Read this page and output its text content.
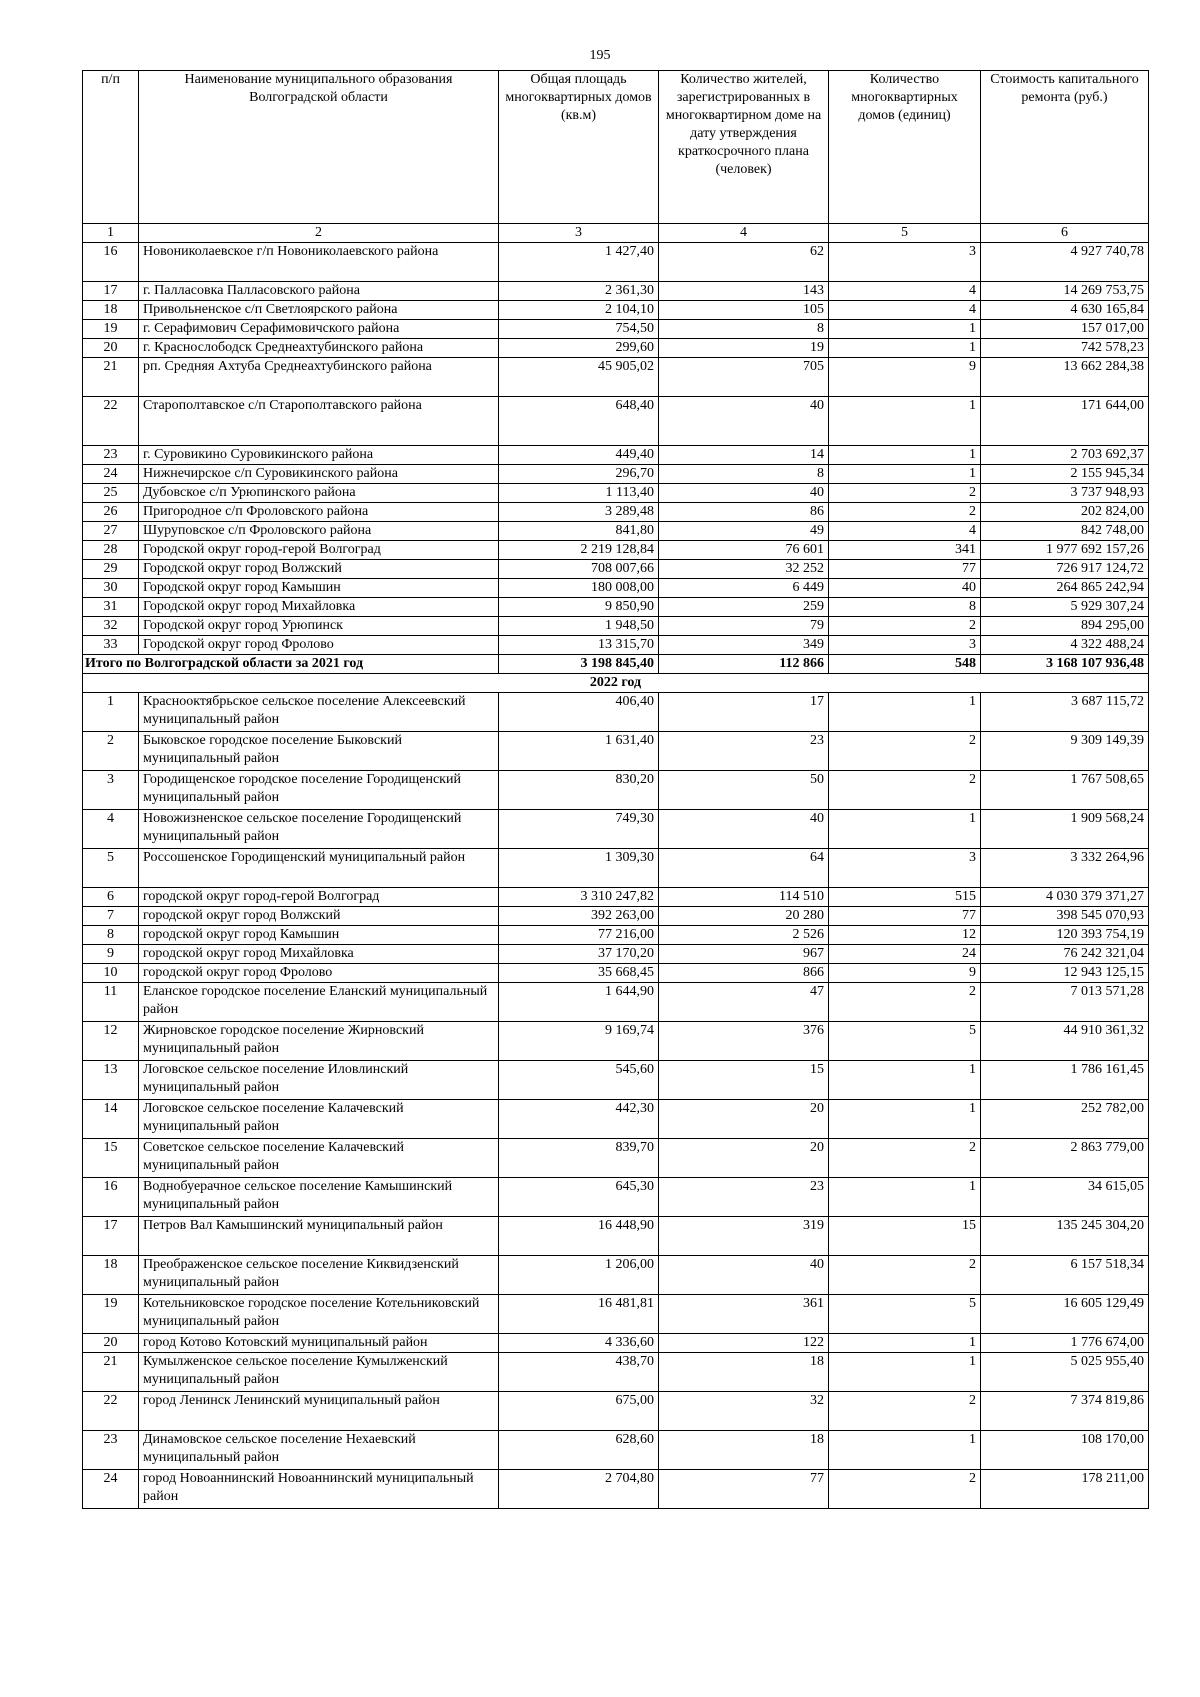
195
п/п	Наименование муниципального образования Волгоградской области	Общая площадь многоквартирных домов (кв.м)	Количество жителей, зарегистрированных в многоквартирном доме на дату утверждения краткосрочного плана (человек)	Количество многоквартирных домов (единиц)	Стоимость капитального ремонта (руб.)
1	2	3	4	5	6
16	Новониколаевское г/п Новониколаевского района	1 427,40	62	3	4 927 740,78
17	г. Палласовка Палласовского района	2 361,30	143	4	14 269 753,75
18	Привольненское с/п Светлоярского района	2 104,10	105	4	4 630 165,84
19	г. Серафимович Серафимовичского района	754,50	8	1	157 017,00
20	г. Краснослободск Среднеахтубинского района	299,60	19	1	742 578,23
21	рп. Средняя Ахтуба Среднеахтубинского района	45 905,02	705	9	13 662 284,38
22	Старополтавское с/п Старополтавского района	648,40	40	1	171 644,00
23	г. Суровикино Суровикинского района	449,40	14	1	2 703 692,37
24	Нижнечирское с/п Суровикинского района	296,70	8	1	2 155 945,34
25	Дубовское с/п Урюпинского района	1 113,40	40	2	3 737 948,93
26	Пригородное с/п Фроловского района	3 289,48	86	2	202 824,00
27	Шуруповское с/п Фроловского района	841,80	49	4	842 748,00
28	Городской округ город-герой Волгоград	2 219 128,84	76 601	341	1 977 692 157,26
29	Городской округ город Волжский	708 007,66	32 252	77	726 917 124,72
30	Городской округ город Камышин	180 008,00	6 449	40	264 865 242,94
31	Городской округ город Михайловка	9 850,90	259	8	5 929 307,24
32	Городской округ город Урюпинск	1 948,50	79	2	894 295,00
33	Городской округ город Фролово	13 315,70	349	3	4 322 488,24
Итого по Волгоградской области за 2021 год		3 198 845,40	112 866	548	3 168 107 936,48
2022 год					
1	Краснооктябрьское сельское поселение Алексеевский муниципальный район	406,40	17	1	3 687 115,72
2	Быковское городское поселение Быковский муниципальный район	1 631,40	23	2	9 309 149,39
3	Городищенское городское поселение Городищенский муниципальный район	830,20	50	2	1 767 508,65
4	Новожизненское сельское поселение Городищенский муниципальный район	749,30	40	1	1 909 568,24
5	Россошенское Городищенский муниципальный район	1 309,30	64	3	3 332 264,96
6	городской округ город-герой Волгоград	3 310 247,82	114 510	515	4 030 379 371,27
7	городской округ город Волжский	392 263,00	20 280	77	398 545 070,93
8	городской округ город Камышин	77 216,00	2 526	12	120 393 754,19
9	городской округ город Михайловка	37 170,20	967	24	76 242 321,04
10	городской округ город Фролово	35 668,45	866	9	12 943 125,15
11	Еланское городское поселение Еланский муниципальный район	1 644,90	47	2	7 013 571,28
12	Жирновское городское поселение Жирновский муниципальный район	9 169,74	376	5	44 910 361,32
13	Логовское сельское поселение Иловлинский муниципальный район	545,60	15	1	1 786 161,45
14	Логовское сельское поселение Калачевский муниципальный район	442,30	20	1	252 782,00
15	Советское сельское поселение Калачевский муниципальный район	839,70	20	2	2 863 779,00
16	Воднобуерачное сельское поселение Камышинский муниципальный район	645,30	23	1	34 615,05
17	Петров Вал Камышинский муниципальный район	16 448,90	319	15	135 245 304,20
18	Преображенское сельское поселение Киквидзенский муниципальный район	1 206,00	40	2	6 157 518,34
19	Котельниковское городское поселение Котельниковский муниципальный район	16 481,81	361	5	16 605 129,49
20	город Котово Котовский муниципальный район	4 336,60	122	1	1 776 674,00
21	Кумылженское сельское поселение Кумылженский муниципальный район	438,70	18	1	5 025 955,40
22	город Ленинск Ленинский муниципальный район	675,00	32	2	7 374 819,86
23	Динамовское сельское поселение Нехаевский муниципальный район	628,60	18	1	108 170,00
24	город Новоаннинский Новоаннинский муниципальный район	2 704,80	77	2	178 211,00
